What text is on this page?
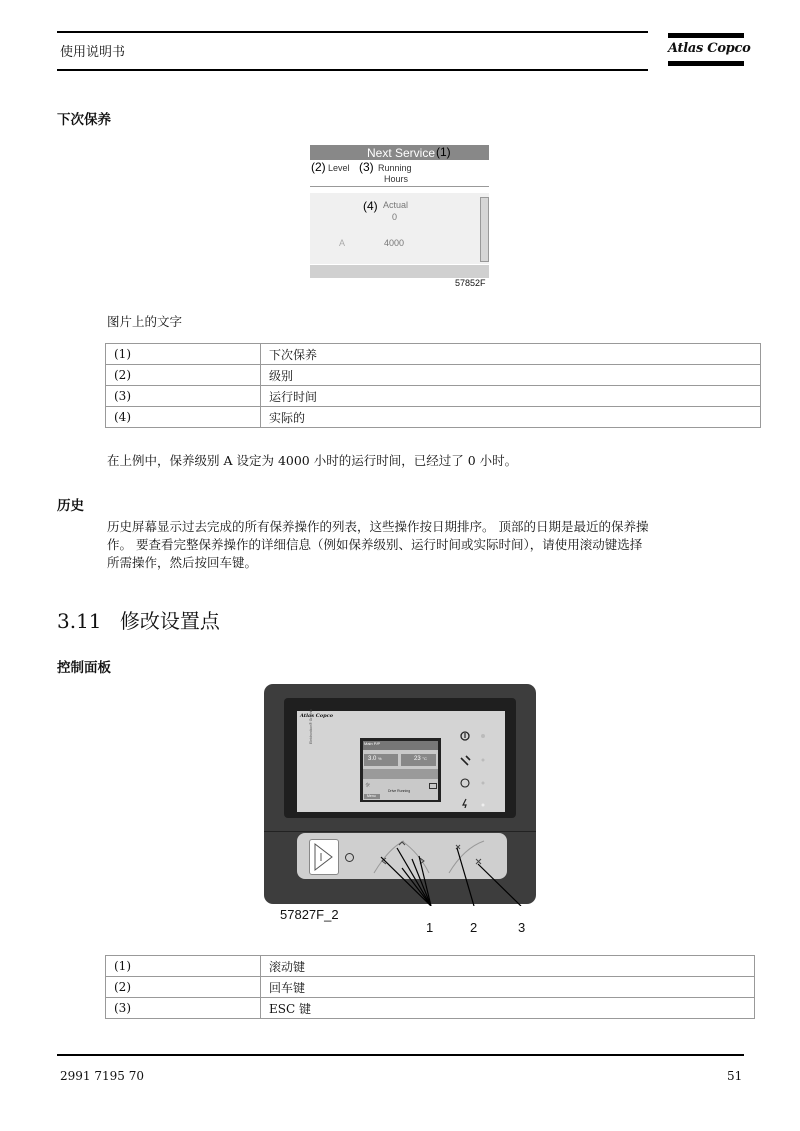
使用说明书	Atlas Copco
下次保养
Next Service (1)
(2) Level (3) Running
Hours
(4) Actual
0
A	4000
57852F
图片上的文字
(1)	下次保养
(2)	级别
(3)	运行时间
(4)	实际的
在上例中，保养级别 A 设定为 4000 小时的运行时间，已经过了 0 小时。
历史
历史屏幕显示过去完成的所有保养操作的列表，这些操作按日期排序。 顶部的日期是最近的保养操
作。 要查看完整保养操作的详细信息（例如保养级别、运行时间或实际时间），请使用滚动键选择
所需操作，然后按回车键。
3.11 修改设置点
控制面板
Atlas Copco
Elektronikon® Graphic	Main P/P
3.0 %	23 °C
☼
Drive Running
Menu
57827F_2
1	2	3
(1)	滚动键
(2)	回车键
(3)	ESC 键
2991 7195 70	51
